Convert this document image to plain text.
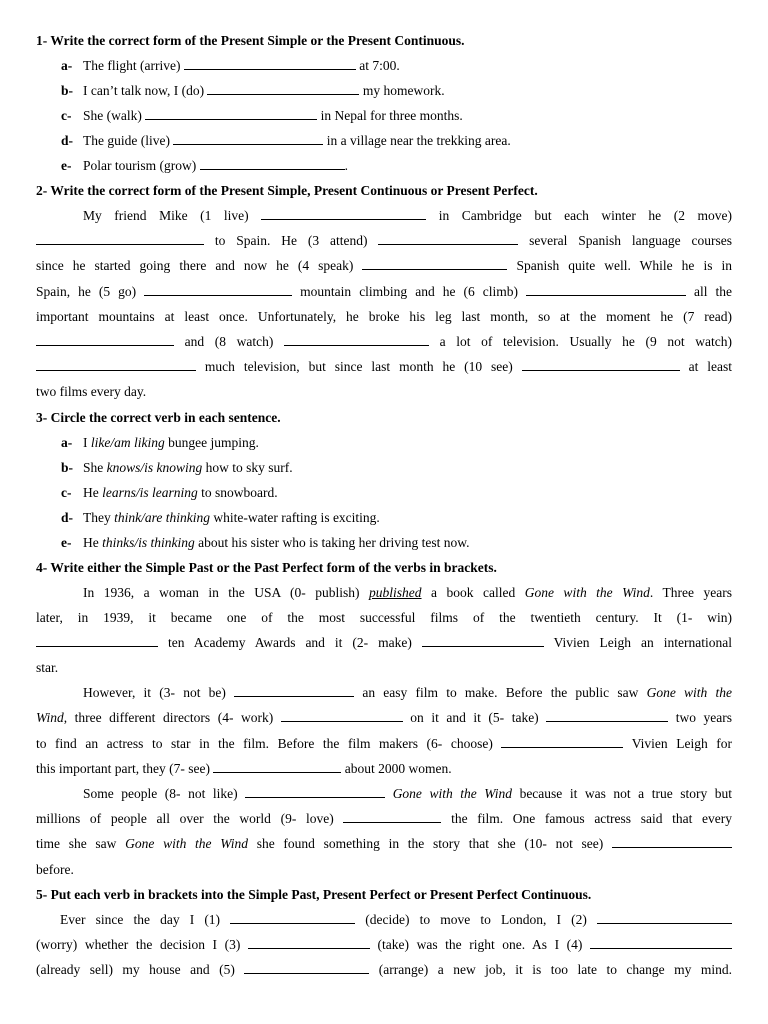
1- Write the correct form of the Present Simple or the Present Continuous.

a- The flight (arrive)	at 7:00.
b- I can’t talk now, I (do)	my homework.
c- She (walk)	in Nepal for three months.
d- The guide (live)	in a village near the trekking area.
e- Polar tourism (grow)	.

2- Write the correct form of the Present Simple, Present Continuous or Present Perfect.

My friend Mike (1 live)	in Cambridge but each winter he (2 move)
to Spain. He (3 attend)	several Spanish language courses
since he started going there and now he (4 speak)	Spanish quite well. While he is in
Spain, he (5 go)	mountain climbing and he (6 climb)	all the
important mountains at least once. Unfortunately, he broke his leg last month, so at the moment he (7 read)
and (8 watch)	a lot of television. Usually he (9 not watch)
much television, but since last month he (10 see)	at least
two films every day.

3- Circle the correct verb in each sentence.

a- I like/am liking bungee jumping.
b- She knows/is knowing how to sky surf.
c- He learns/is learning to snowboard.
d- They think/are thinking white-water rafting is exciting.
e- He thinks/is thinking about his sister who is taking her driving test now.

4- Write either the Simple Past or the Past Perfect form of the verbs in brackets.

In 1936, a woman in the USA (0- publish) published a book called Gone with the Wind. Three years
later, in 1939, it became one of the most successful films of the twentieth century. It (1- win)
ten Academy Awards and it (2- make)	Vivien Leigh an international
star.
However, it (3- not be)	an easy film to make. Before the public saw Gone with the
Wind, three different directors (4- work)	on it and it (5- take)	two years
to find an actress to star in the film. Before the film makers (6- choose)	Vivien Leigh for
this important part, they (7- see)	about 2000 women.
Some people (8- not like)	Gone with the Wind because it was not a true story but
millions of people all over the world (9- love)	the film. One famous actress said that every
time she saw Gone with the Wind she found something in the story that she (10- not see)
before.

5- Put each verb in brackets into the Simple Past, Present Perfect or Present Perfect Continuous.

Ever since the day I (1)	(decide) to move to London, I (2)
(worry) whether the decision I (3)	(take) was the right one. As I (4)
(already sell) my house and (5)	(arrange) a new job, it is too late to change my mind.
